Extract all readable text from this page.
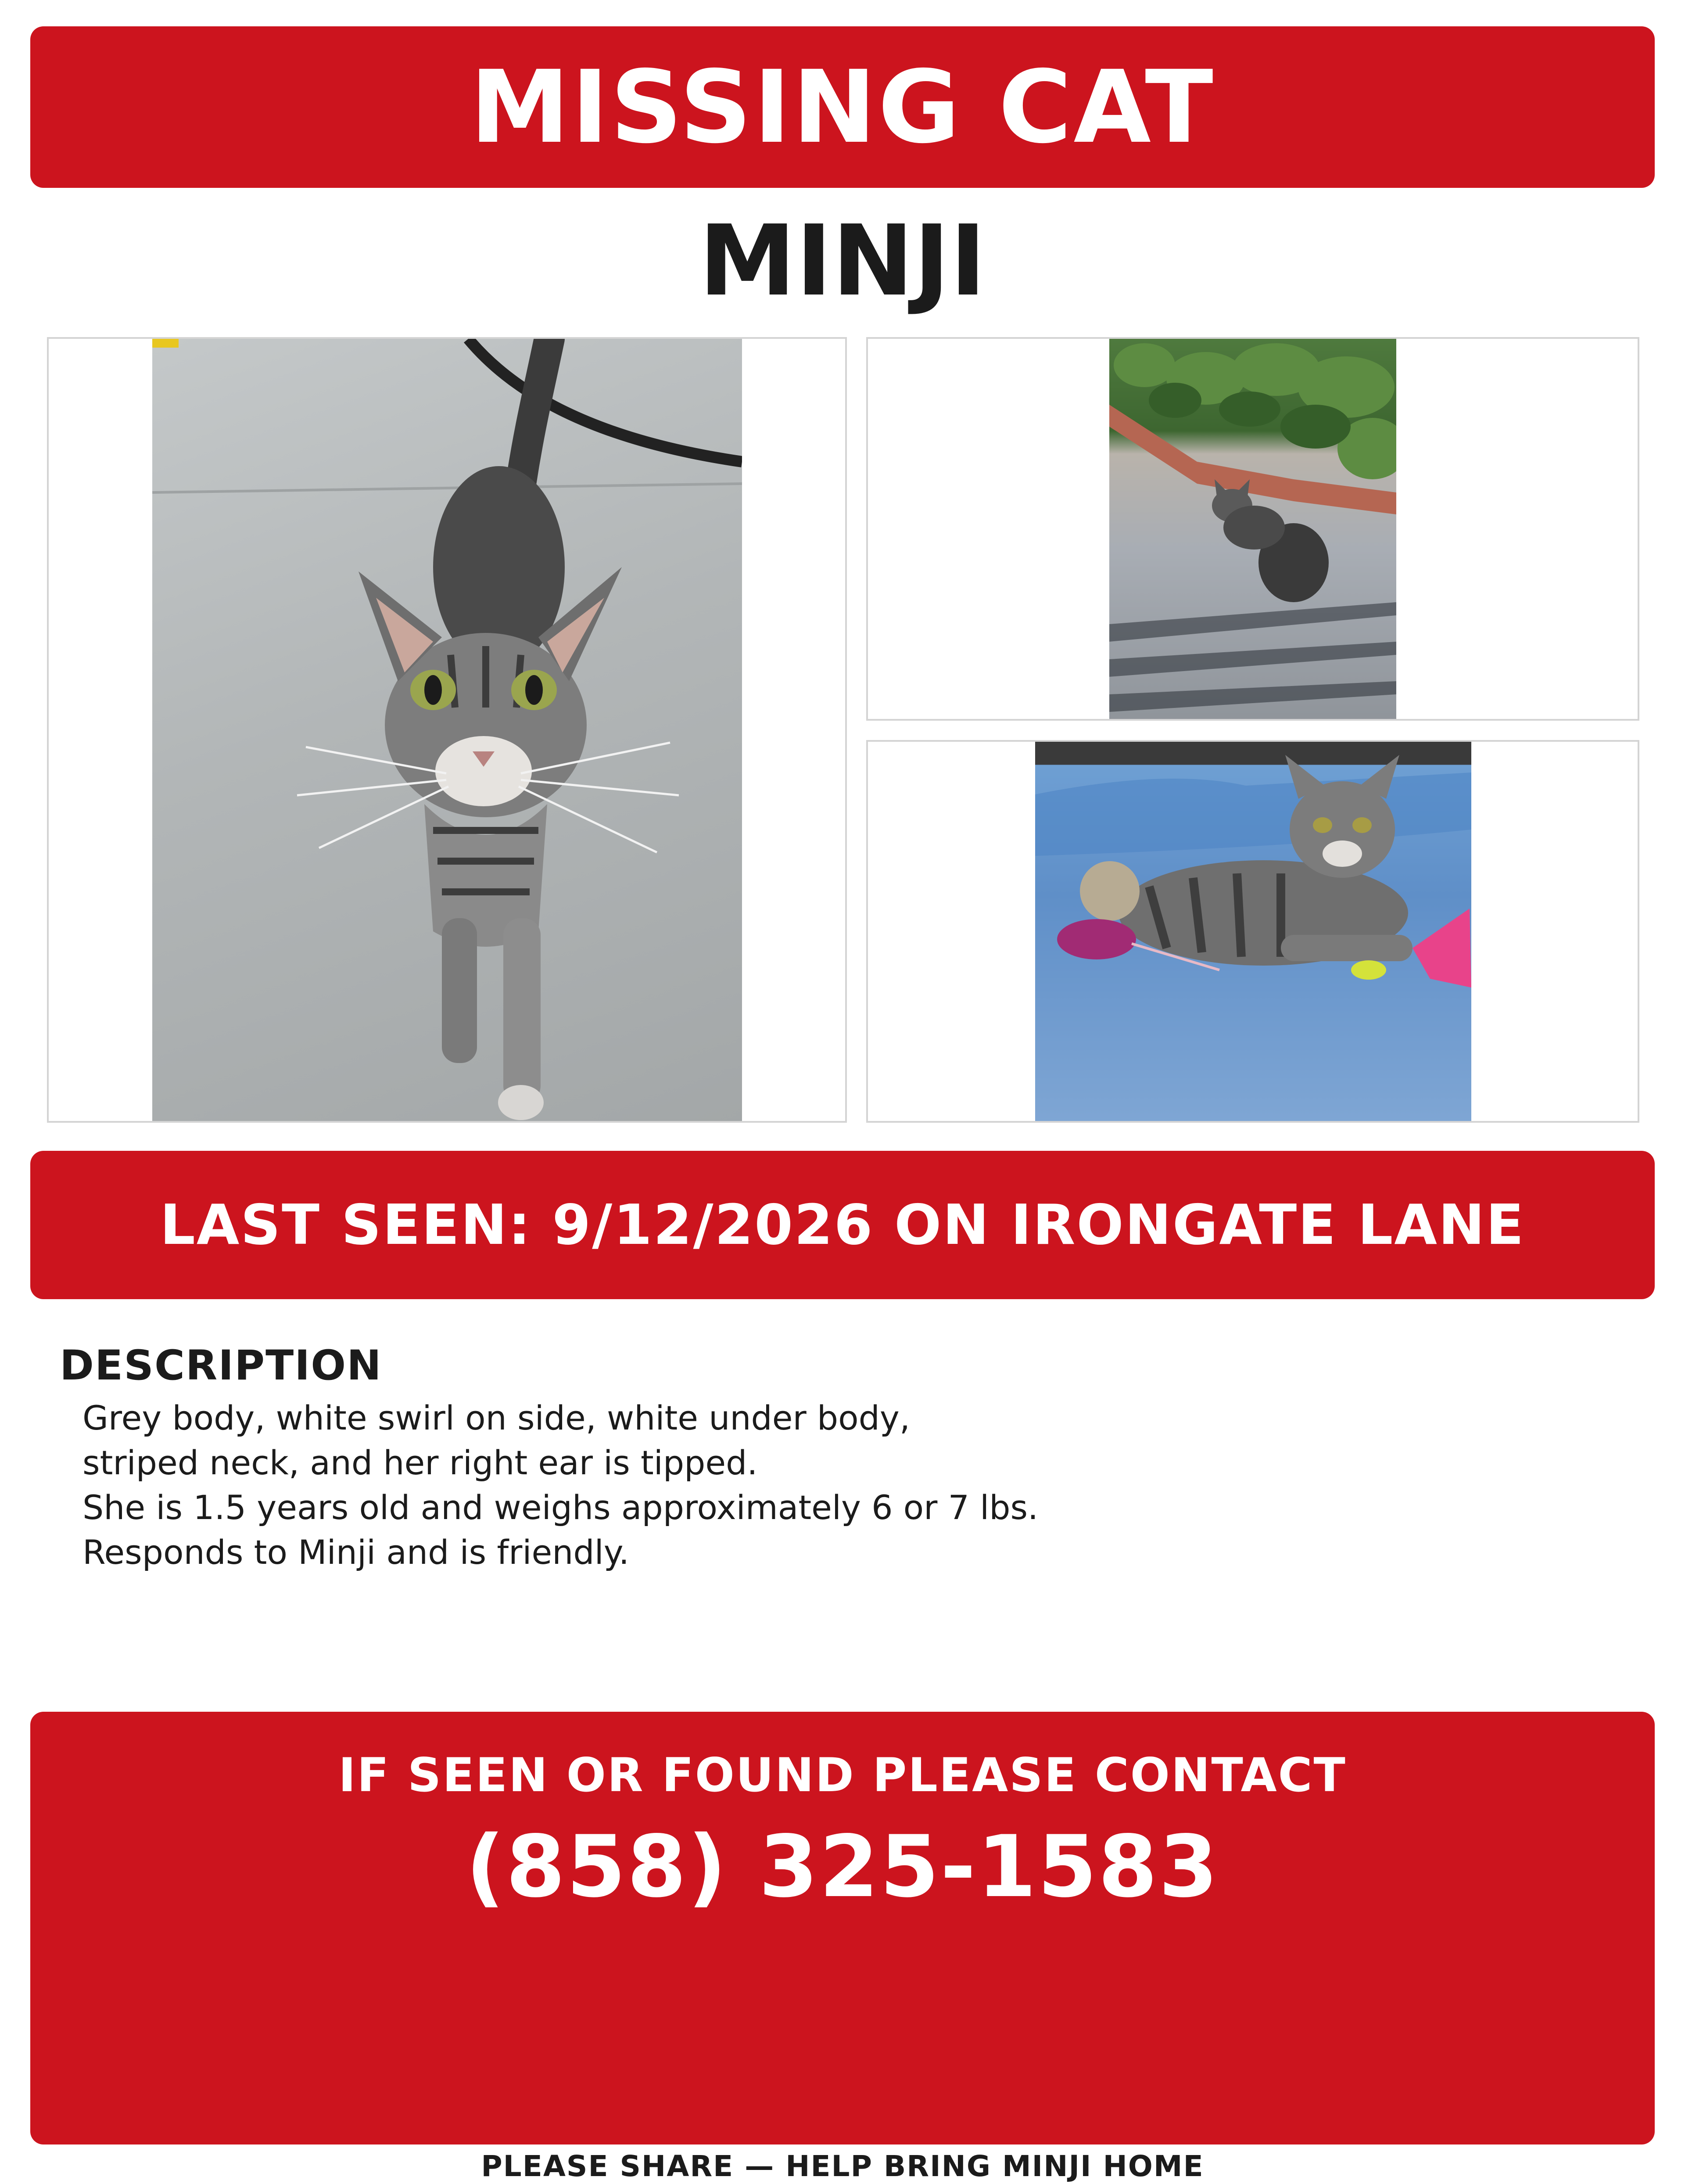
MISSING CAT
MINJI
LAST SEEN: 9/12/2026 ON IRONGATE LANE
DESCRIPTION
Grey body, white swirl on side, white under body,
striped neck, and her right ear is tipped.
She is 1.5 years old and weighs approximately 6 or 7 lbs.
Responds to Minji and is friendly.
IF SEEN OR FOUND PLEASE CONTACT
(858) 325-1583
PLEASE SHARE — HELP BRING MINJI HOME
